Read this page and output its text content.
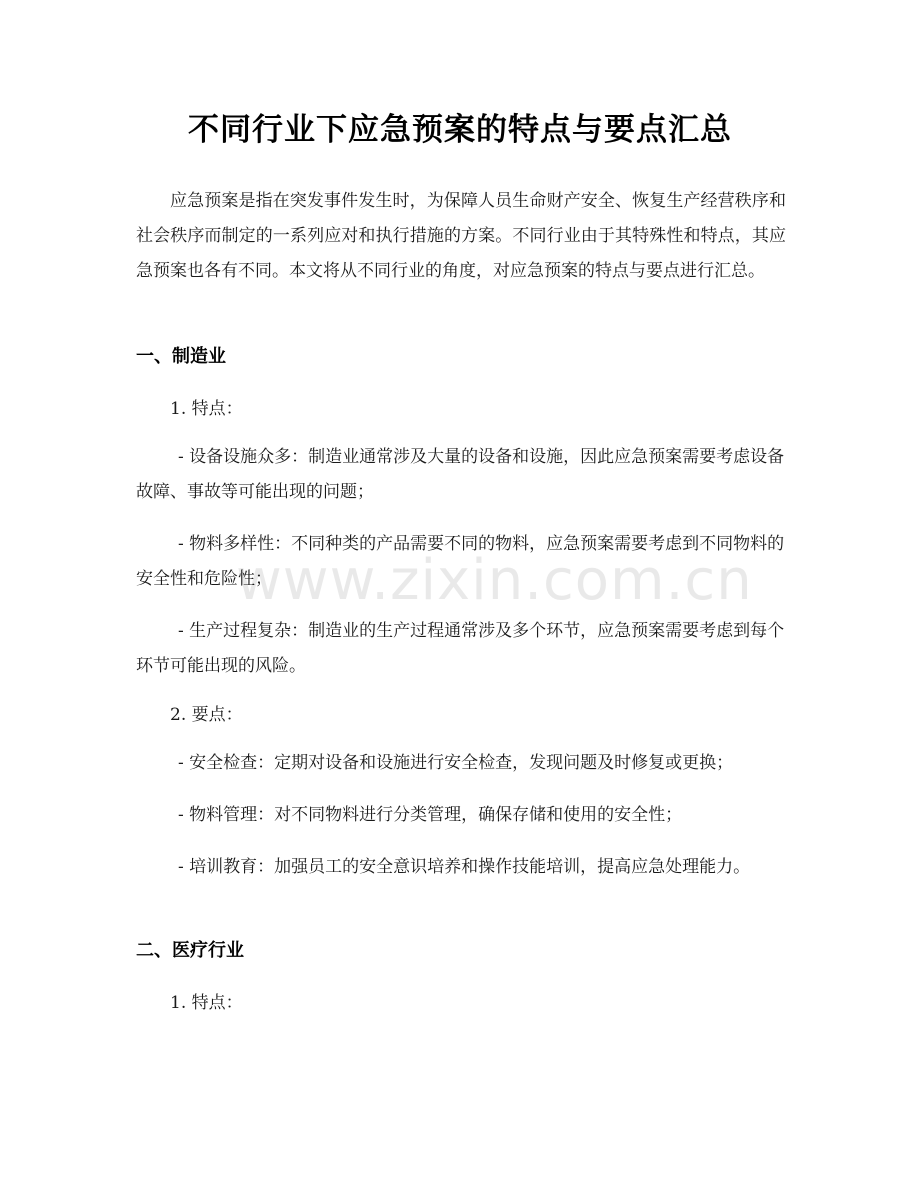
www.zixin.com.cn
不同行业下应急预案的特点与要点汇总

应急预案是指在突发事件发生时，为保障人员生命财产安全、恢复生产经营秩序和社会秩序而制定的一系列应对和执行措施的方案。不同行业由于其特殊性和特点，其应急预案也各有不同。本文将从不同行业的角度，对应急预案的特点与要点进行汇总。

一、制造业
1. 特点：

- 设备设施众多：制造业通常涉及大量的设备和设施，因此应急预案需要考虑设备故障、事故等可能出现的问题；

- 物料多样性：不同种类的产品需要不同的物料，应急预案需要考虑到不同物料的安全性和危险性；

- 生产过程复杂：制造业的生产过程通常涉及多个环节，应急预案需要考虑到每个环节可能出现的风险。

2. 要点：

- 安全检查：定期对设备和设施进行安全检查，发现问题及时修复或更换；

- 物料管理：对不同物料进行分类管理，确保存储和使用的安全性；

- 培训教育：加强员工的安全意识培养和操作技能培训，提高应急处理能力。

二、医疗行业
1. 特点：
